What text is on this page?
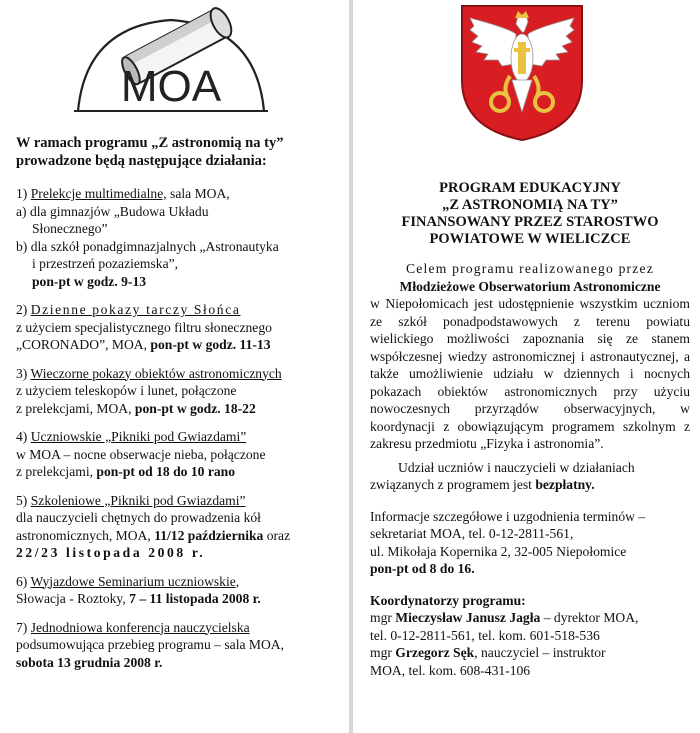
MOA
W ramach programu „Z astronomią na ty”
prowadzone będą następujące działania:
1) Prelekcje multimedialne, sala MOA,
a) dla gimnazjów „Budowa Układu
Słonecznego”
b) dla szkół ponadgimnazjalnych „Astronautyka
i przestrzeń pozaziemska”,
pon-pt w godz. 9-13
2) Dzienne pokazy tarczy Słońca
z użyciem specjalistycznego filtru słonecznego
„CORONADO”, MOA, pon-pt w godz. 11-13
3) Wieczorne pokazy obiektów astronomicznych
z użyciem teleskopów i lunet, połączone
z prelekcjami, MOA, pon-pt w godz. 18-22
4) Uczniowskie „Pikniki pod Gwiazdami”
w MOA – nocne obserwacje nieba, połączone
z prelekcjami, pon-pt od 18 do 10 rano
5) Szkoleniowe „Pikniki pod Gwiazdami”
dla nauczycieli chętnych do prowadzenia kół
astronomicznych, MOA, 11/12 października oraz
22/23 listopada 2008 r.
6) Wyjazdowe Seminarium uczniowskie,
Słowacja - Roztoky, 7 – 11 listopada 2008 r.
7) Jednodniowa konferencja nauczycielska
podsumowująca przebieg programu – sala MOA,
sobota 13 grudnia 2008 r.
PROGRAM EDUKACYJNY
„Z ASTRONOMIĄ NA TY”
FINANSOWANY PRZEZ STAROSTWO
POWIATOWE W WIELICZCE
Celem programu realizowanego przez
Młodzieżowe Obserwatorium Astronomiczne
w Niepołomicach jest udostępnienie wszystkim uczniom ze szkół ponadpodstawowych z terenu powiatu wielickiego możliwości zapoznania się ze stanem współczesnej wiedzy astronomicznej i astronautycznej, a także umożliwienie udziału w dziennych i nocnych pokazach obiektów astronomicznych przy użyciu nowoczesnych przyrządów obserwacyjnych, w koordynacji z obowiązującym programem szkolnym z zakresu przedmiotu „Fizyka i astronomia”.
Udział uczniów i nauczycieli w działaniach związanych z programem jest bezpłatny.
Informacje szczegółowe i uzgodnienia terminów –
sekretariat MOA, tel. 0-12-2811-561,
ul. Mikołaja Kopernika 2, 32-005 Niepołomice
pon-pt od 8 do 16.
Koordynatorzy programu:
mgr Mieczysław Janusz Jagła – dyrektor MOA,
tel. 0-12-2811-561, tel. kom. 601-518-536
mgr Grzegorz Sęk, nauczyciel – instruktor
MOA, tel. kom. 608-431-106
